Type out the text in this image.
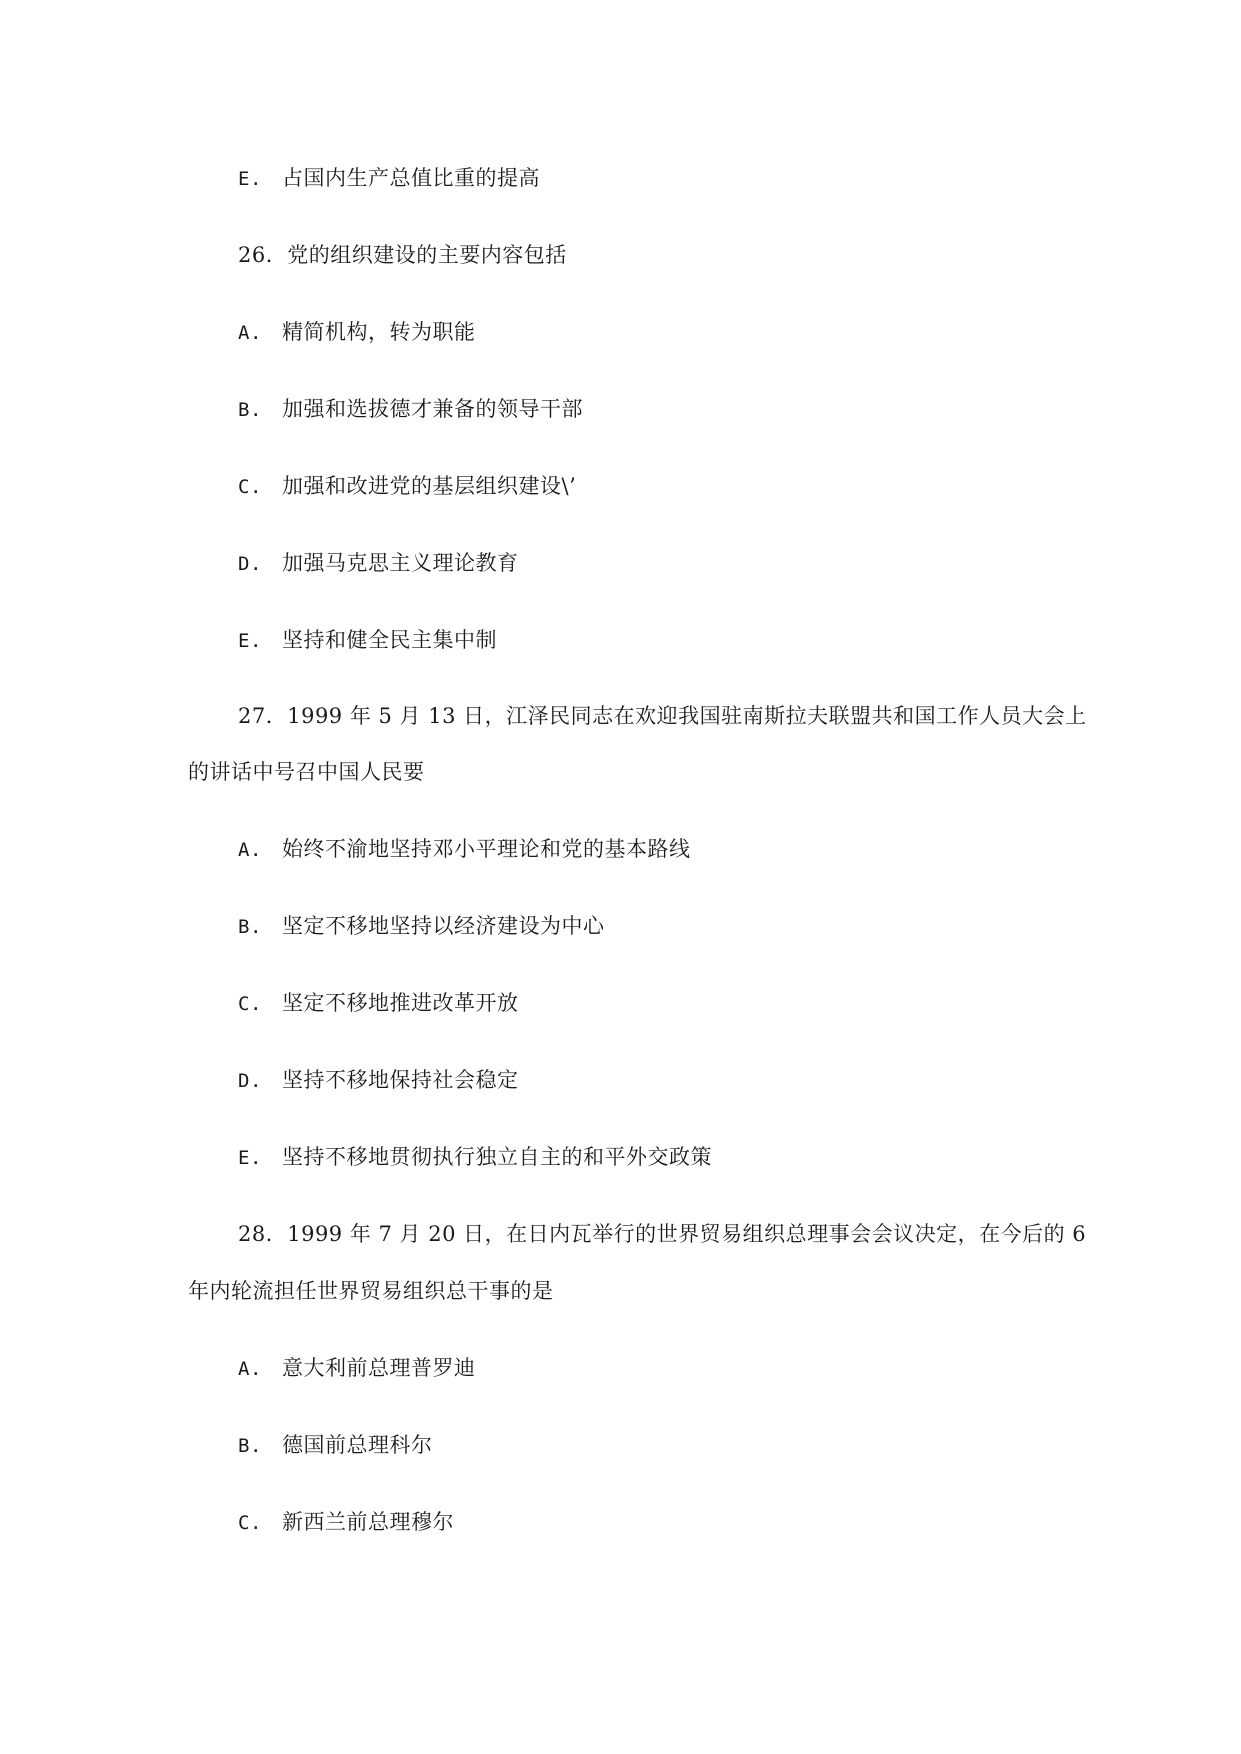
E. 占国内生产总值比重的提高
26．党的组织建设的主要内容包括
A. 精简机构，转为职能
B. 加强和选拔德才兼备的领导干部
C. 加强和改进党的基层组织建设\’
D. 加强马克思主义理论教育
E. 坚持和健全民主集中制
27．1999 年 5 月 13 日，江泽民同志在欢迎我国驻南斯拉夫联盟共和国工作人员大会上
的讲话中号召中国人民要
A. 始终不渝地坚持邓小平理论和党的基本路线
B. 坚定不移地坚持以经济建设为中心
C. 坚定不移地推进改革开放
D. 坚持不移地保持社会稳定
E. 坚持不移地贯彻执行独立自主的和平外交政策
28．1999 年 7 月 20 日，在日内瓦举行的世界贸易组织总理事会会议决定，在今后的 6
年内轮流担任世界贸易组织总干事的是
A. 意大利前总理普罗迪
B. 德国前总理科尔
C. 新西兰前总理穆尔
